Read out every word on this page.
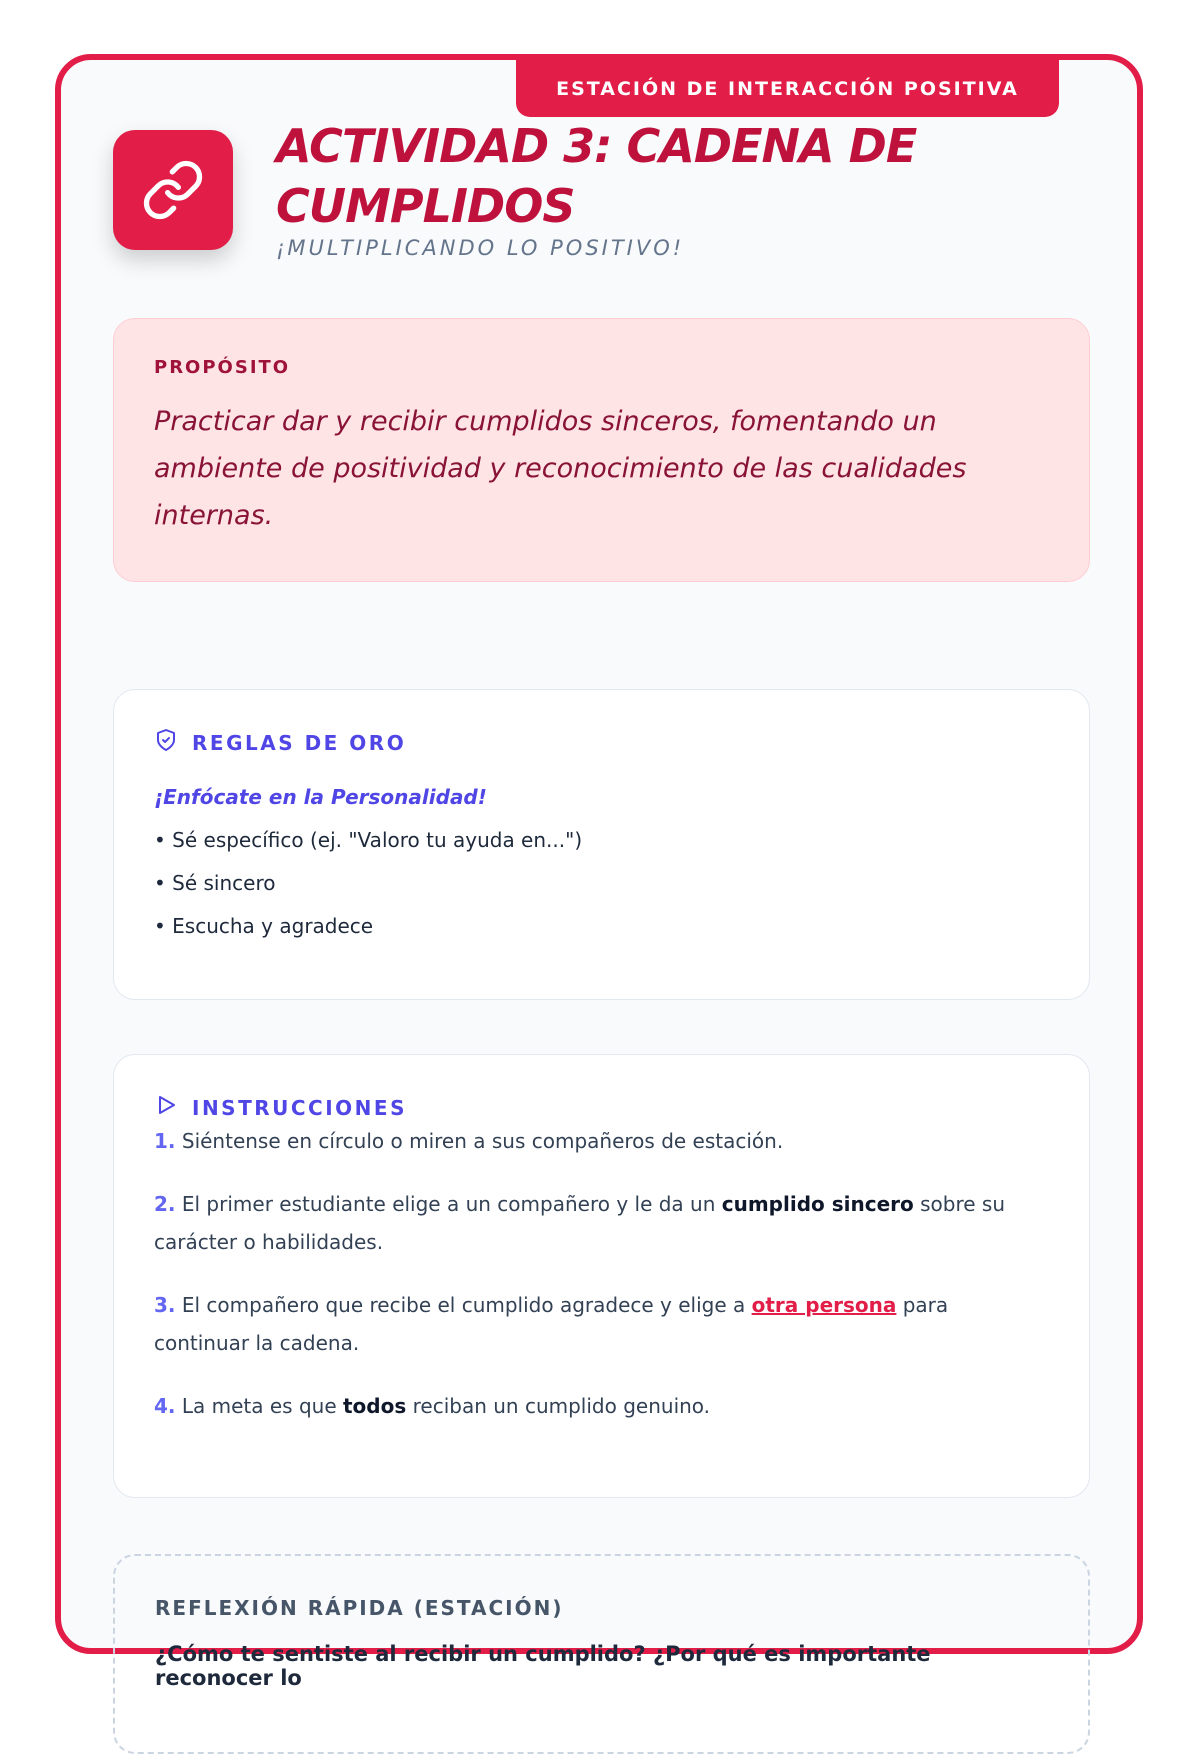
ESTACIÓN DE INTERACCIÓN POSITIVA
ACTIVIDAD 3: CADENA DE CUMPLIDOS
¡MULTIPLICANDO LO POSITIVO!
PROPÓSITO
Practicar dar y recibir cumplidos sinceros, fomentando un ambiente de positividad y reconocimiento de las cualidades internas.
REGLAS DE ORO
¡Enfócate en la Personalidad!
• Sé específico (ej. "Valoro tu ayuda en...")
• Sé sincero
• Escucha y agradece
INSTRUCCIONES
1. Siéntense en círculo o miren a sus compañeros de estación.
2. El primer estudiante elige a un compañero y le da un cumplido sincero sobre su carácter o habilidades.
3. El compañero que recibe el cumplido agradece y elige a otra persona para continuar la cadena.
4. La meta es que todos reciban un cumplido genuino.
REFLEXIÓN RÁPIDA (ESTACIÓN)
¿Cómo te sentiste al recibir un cumplido? ¿Por qué es importante reconocer lo
